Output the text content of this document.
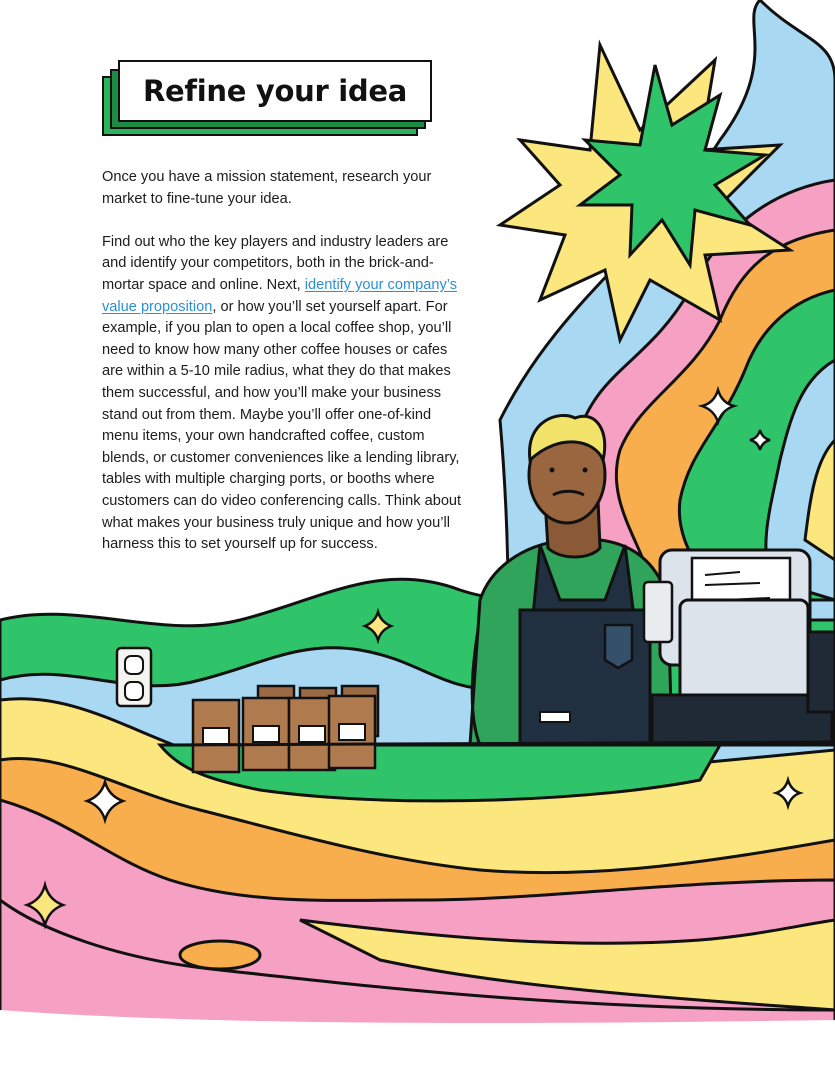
Refine your idea

Once you have a mission statement, research your market to fine-tune your idea.

Find out who the key players and industry leaders are and identify your competitors, both in the brick-and-mortar space and online. Next, identify your company’s value proposition, or how you’ll set yourself apart. For example, if you plan to open a local coffee shop, you’ll need to know how many other coffee houses or cafes are within a 5-10 mile radius, what they do that makes them successful, and how you’ll make your business stand out from them. Maybe you’ll offer one-of-kind menu items, your own handcrafted coffee, custom blends, or customer conveniences like a lending library, tables with multiple charging ports, or booths where customers can do video conferencing calls. Think about what makes your business truly unique and how you’ll harness this to set yourself up for success.
